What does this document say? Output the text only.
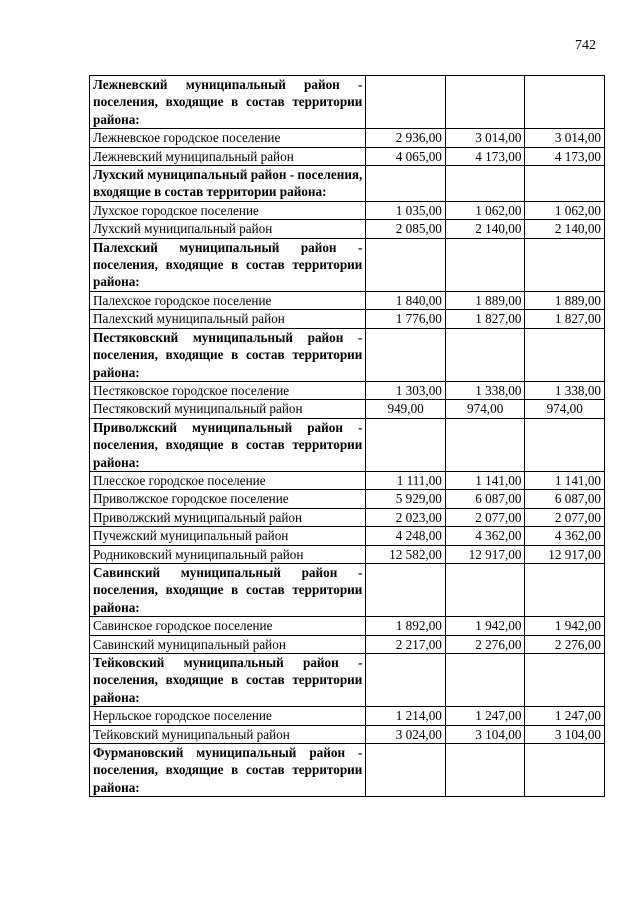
742
Лежневский муниципальный район - поселения, входящие в состав территории района:			
Лежневское городское поселение	2 936,00	3 014,00	3 014,00
Лежневский муниципальный район	4 065,00	4 173,00	4 173,00
Лухский муниципальный район - поселения, входящие в состав территории района:			
Лухское городское поселение	1 035,00	1 062,00	1 062,00
Лухский муниципальный район	2 085,00	2 140,00	2 140,00
Палехский муниципальный район - поселения, входящие в состав территории района:			
Палехское городское поселение	1 840,00	1 889,00	1 889,00
Палехский муниципальный район	1 776,00	1 827,00	1 827,00
Пестяковский муниципальный район - поселения, входящие в состав территории района:			
Пестяковское городское поселение	1 303,00	1 338,00	1 338,00
Пестяковский муниципальный район	949,00	974,00	974,00
Приволжский муниципальный район - поселения, входящие в состав территории района:			
Плесское городское поселение	1 111,00	1 141,00	1 141,00
Приволжское городское поселение	5 929,00	6 087,00	6 087,00
Приволжский муниципальный район	2 023,00	2 077,00	2 077,00
Пучежский муниципальный район	4 248,00	4 362,00	4 362,00
Родниковский муниципальный район	12 582,00	12 917,00	12 917,00
Савинский муниципальный район - поселения, входящие в состав территории района:			
Савинское городское поселение	1 892,00	1 942,00	1 942,00
Савинский муниципальный район	2 217,00	2 276,00	2 276,00
Тейковский муниципальный район - поселения, входящие в состав территории района:			
Нерльское городское поселение	1 214,00	1 247,00	1 247,00
Тейковский муниципальный район	3 024,00	3 104,00	3 104,00
Фурмановский муниципальный район - поселения, входящие в состав территории района:			
